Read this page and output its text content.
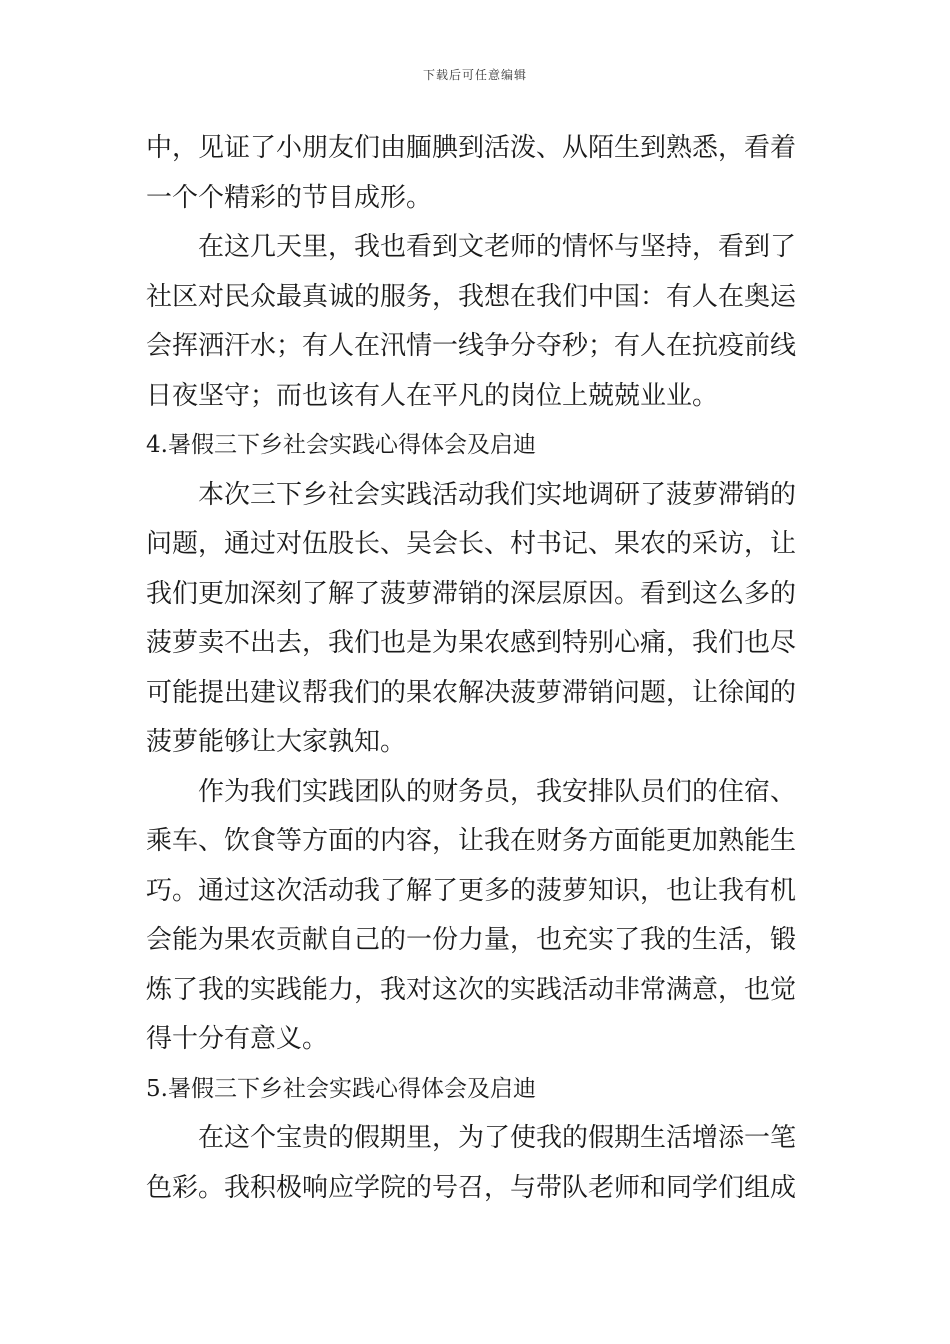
下载后可任意编辑
中，见证了小朋友们由腼腆到活泼、从陌生到熟悉，看着
一个个精彩的节目成形。
在这几天里，我也看到文老师的情怀与坚持，看到了
社区对民众最真诚的服务，我想在我们中国：有人在奥运
会挥洒汗水；有人在汛情一线争分夺秒；有人在抗疫前线
日夜坚守；而也该有人在平凡的岗位上兢兢业业。
4.暑假三下乡社会实践心得体会及启迪
本次三下乡社会实践活动我们实地调研了菠萝滞销的
问题，通过对伍股长、吴会长、村书记、果农的采访，让
我们更加深刻了解了菠萝滞销的深层原因。看到这么多的
菠萝卖不出去，我们也是为果农感到特别心痛，我们也尽
可能提出建议帮我们的果农解决菠萝滞销问题，让徐闻的
菠萝能够让大家孰知。
作为我们实践团队的财务员，我安排队员们的住宿、
乘车、饮食等方面的内容，让我在财务方面能更加熟能生
巧。通过这次活动我了解了更多的菠萝知识，也让我有机
会能为果农贡献自己的一份力量，也充实了我的生活，锻
炼了我的实践能力，我对这次的实践活动非常满意，也觉
得十分有意义。
5.暑假三下乡社会实践心得体会及启迪
在这个宝贵的假期里，为了使我的假期生活增添一笔
色彩。我积极响应学院的号召，与带队老师和同学们组成
